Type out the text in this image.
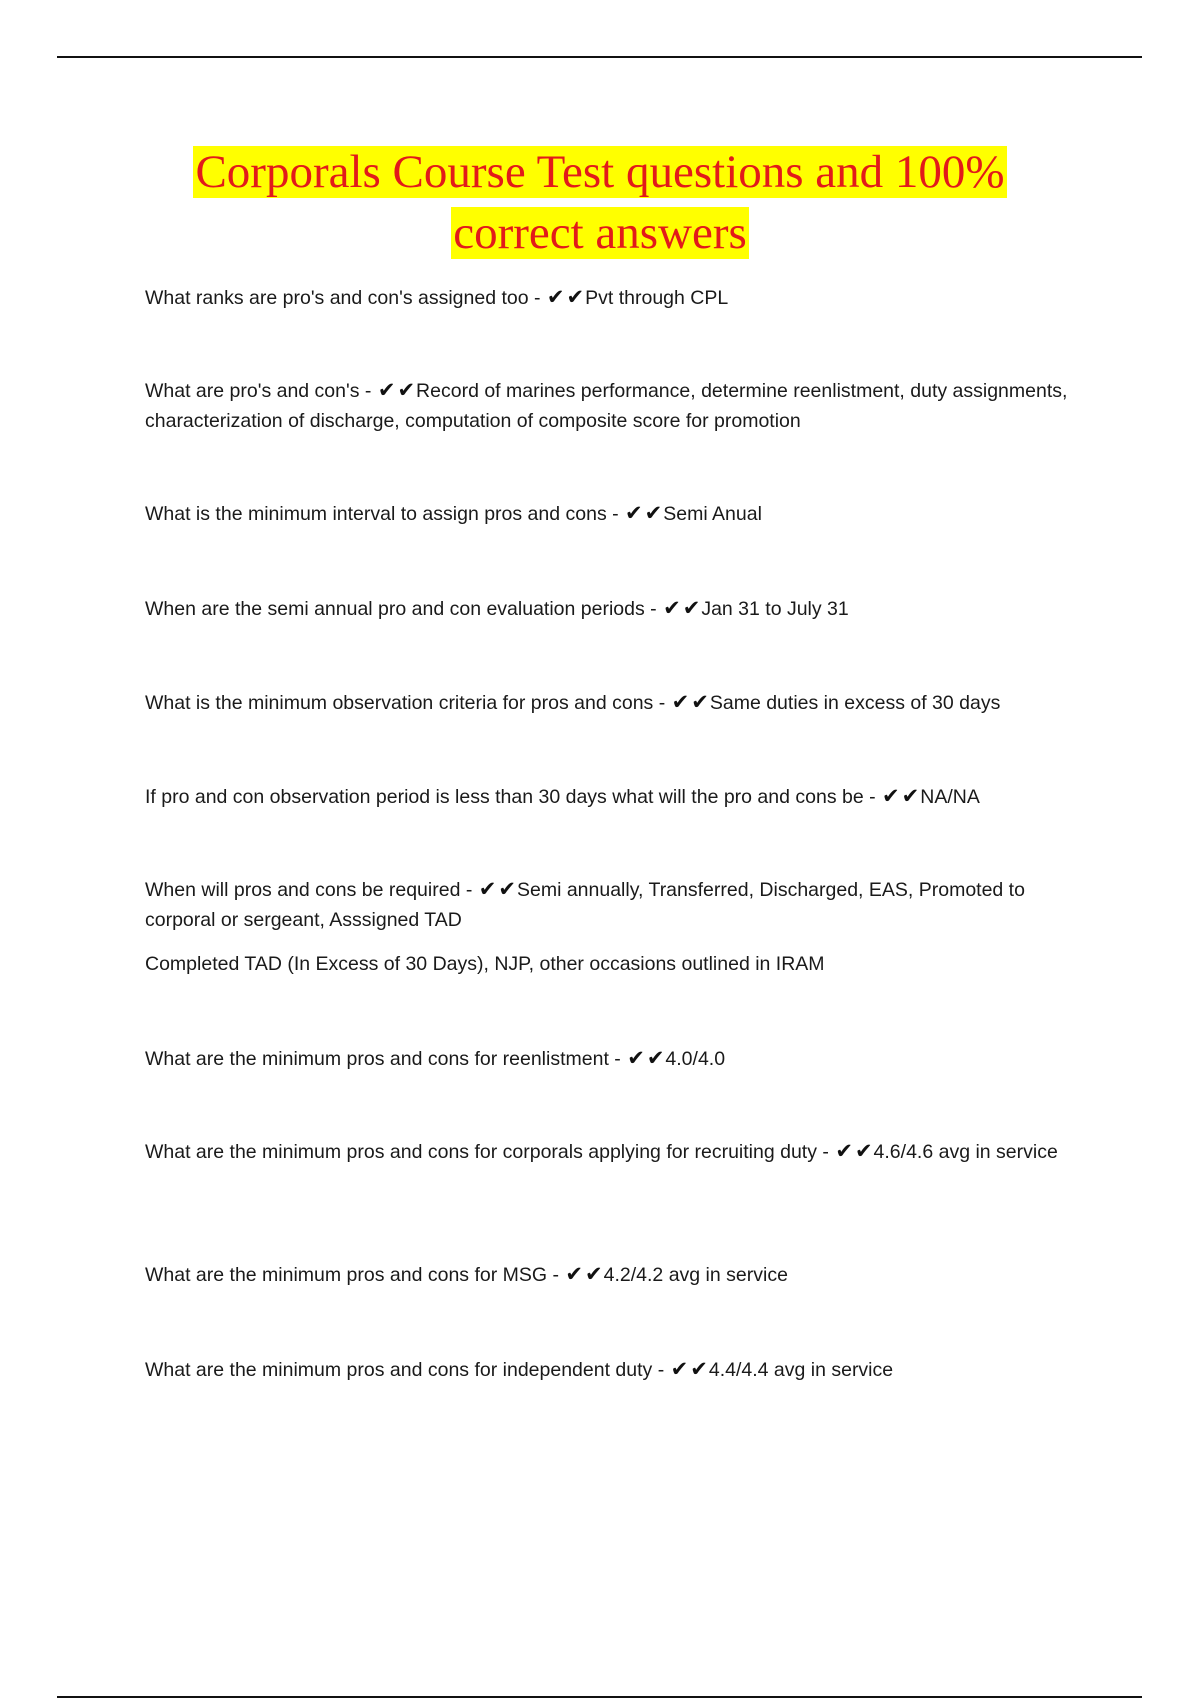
Corporals Course Test questions and 100%
correct answers

What ranks are pro's and con's assigned too - ✔✔Pvt through CPL

What are pro's and con's - ✔✔Record of marines performance, determine reenlistment, duty assignments, characterization of discharge, computation of composite score for promotion

What is the minimum interval to assign pros and cons - ✔✔Semi Anual

When are the semi annual pro and con evaluation periods - ✔✔Jan 31 to July 31

What is the minimum observation criteria for pros and cons - ✔✔Same duties in excess of 30 days

If pro and con observation period is less than 30 days what will the pro and cons be - ✔✔NA/NA

When will pros and cons be required - ✔✔Semi annually, Transferred, Discharged, EAS, Promoted to corporal or sergeant, Asssigned TAD

Completed TAD (In Excess of 30 Days), NJP, other occasions outlined in IRAM

What are the minimum pros and cons for reenlistment - ✔✔4.0/4.0

What are the minimum pros and cons for corporals applying for recruiting duty - ✔✔4.6/4.6 avg in service

What are the minimum pros and cons for MSG - ✔✔4.2/4.2 avg in service

What are the minimum pros and cons for independent duty - ✔✔4.4/4.4 avg in service
